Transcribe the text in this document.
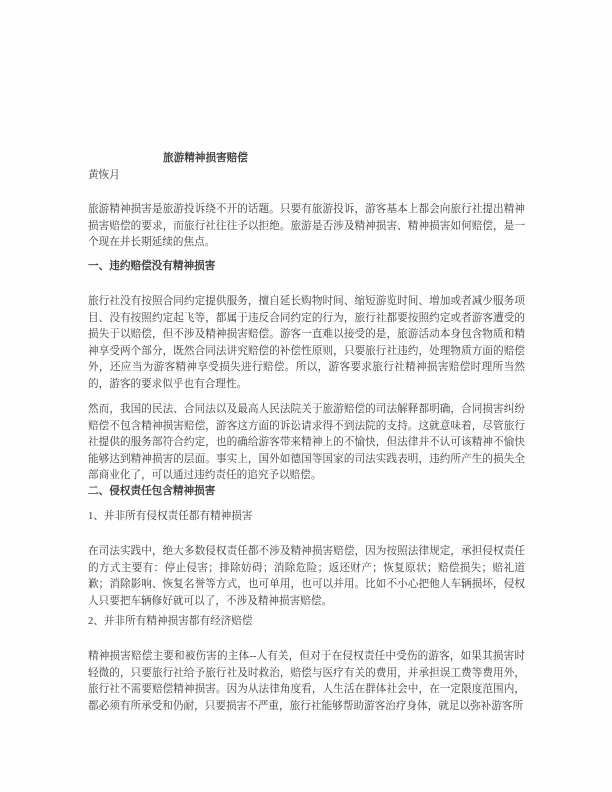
旅游精神损害赔偿
黄恢月

旅游精神损害是旅游投诉绕不开的话题。只要有旅游投诉，游客基本上都会向旅行社提出精神损害赔偿的要求，而旅行社往往予以拒绝。旅游是否涉及精神损害、精神损害如何赔偿，是一个现在并长期延续的焦点。

一、违约赔偿没有精神损害

旅行社没有按照合同约定提供服务，擅自延长购物时间、缩短游览时间、增加或者减少服务项目、没有按照约定起飞等，都属于违反合同约定的行为，旅行社都要按照约定或者游客遭受的损失于以赔偿，但不涉及精神损害赔偿。游客一直难以接受的是，旅游活动本身包含物质和精神享受两个部分，既然合同法讲究赔偿的补偿性原则，只要旅行社违约，处理物质方面的赔偿外，还应当为游客精神享受损失进行赔偿。所以，游客要求旅行社精神损害赔偿时理所当然的，游客的要求似乎也有合理性。

然而，我国的民法、合同法以及最高人民法院关于旅游赔偿的司法解释都明确，合同损害纠纷赔偿不包含精神损害赔偿，游客这方面的诉讼请求得不到法院的支持。这就意味着，尽管旅行社提供的服务部符合约定，也的确给游客带来精神上的不愉快，但法律并不认可该精神不愉快能够达到精神损害的层面。事实上，国外如德国等国家的司法实践表明，违约所产生的损失全部商业化了，可以通过违约责任的追究予以赔偿。

二、侵权责任包含精神损害
1、并非所有侵权责任都有精神损害

在司法实践中，绝大多数侵权责任都不涉及精神损害赔偿，因为按照法律规定，承担侵权责任的方式主要有：停止侵害；排除妨碍；消除危险；返还财产；恢复原状；赔偿损失；赔礼道歉；消除影响、恢复名誉等方式，也可单用，也可以并用。比如不小心把他人车辆损坏，侵权人只要把车辆修好就可以了，不涉及精神损害赔偿。

2、并非所有精神损害都有经济赔偿

精神损害赔偿主要和被伤害的主体--人有关，但对于在侵权责任中受伤的游客，如果其损害时轻微的，只要旅行社给予旅行社及时救治，赔偿与医疗有关的费用，并承担误工费等费用外，旅行社不需要赔偿精神损害。因为从法律角度看，人生活在群体社会中，在一定限度范围内，都必须有所承受和仍耐，只要损害不严重，旅行社能够帮助游客治疗身体，就足以弥补游客所
